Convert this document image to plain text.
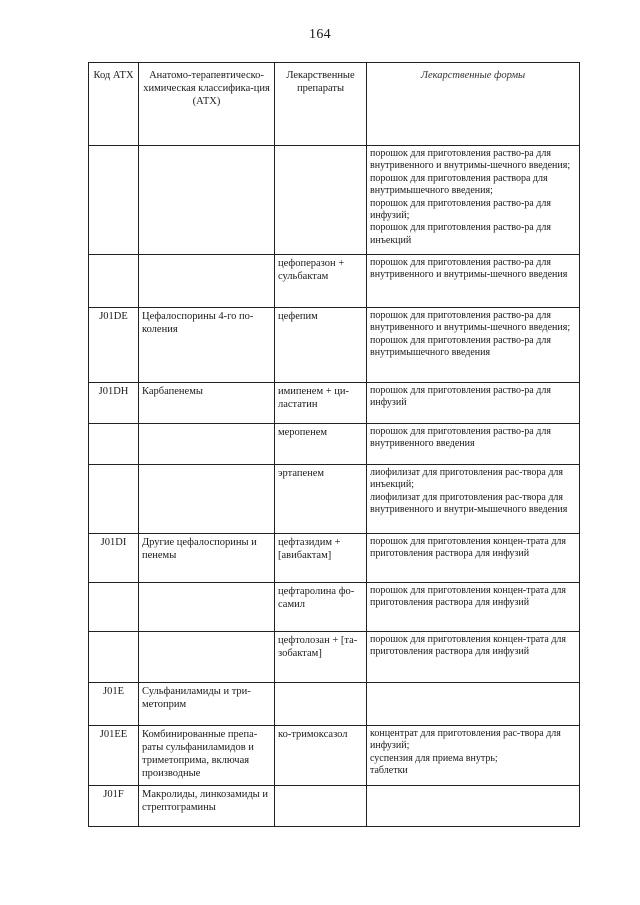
164
Код АТХ	Анатомо-терапевтическо-химическая классифика-ция (АТХ)	Лекарственные препараты	Лекарственные формы

			порошок для приготовления раство-ра для внутривенного и внутримы-шечного введения;
порошок для приготовления раствора для внутримышечного введения;
порошок для приготовления раство-ра для инфузий;
порошок для приготовления раство-ра для инъекций

		цефоперазон + сульбактам	порошок для приготовления раство-ра для внутривенного и внутримы-шечного введения

J01DE	Цефалоспорины 4-го по-коления	цефепим	порошок для приготовления раство-ра для внутривенного и внутримы-шечного введения;
порошок для приготовления раство-ра для внутримышечного введения

J01DH	Карбапенемы	имипенем + ци-ластатин	порошок для приготовления раство-ра для инфузий

		меропенем	порошок для приготовления раство-ра для внутривенного введения

		эртапенем	лиофилизат для приготовления рас-твора для инъекций;
лиофилизат для приготовления рас-твора для внутривенного и внутри-мышечного введения

J01DI	Другие цефалоспорины и пенемы	цефтазидим + [авибактам]	порошок для приготовления концен-трата для приготовления раствора для инфузий

		цефтаролина фо-самил	порошок для приготовления концен-трата для приготовления раствора для инфузий

		цефтолозан + [та-зобактам]	порошок для приготовления концен-трата для приготовления раствора для инфузий

J01E	Сульфаниламиды и три-метоприм		
J01EE	Комбинированные препа-раты сульфаниламидов и триметоприма, включая производные	ко-тримоксазол	концентрат для приготовления рас-твора для инфузий;
суспензия для приема внутрь;
таблетки

J01F	Макролиды, линкозамиды и стрептограмины		
